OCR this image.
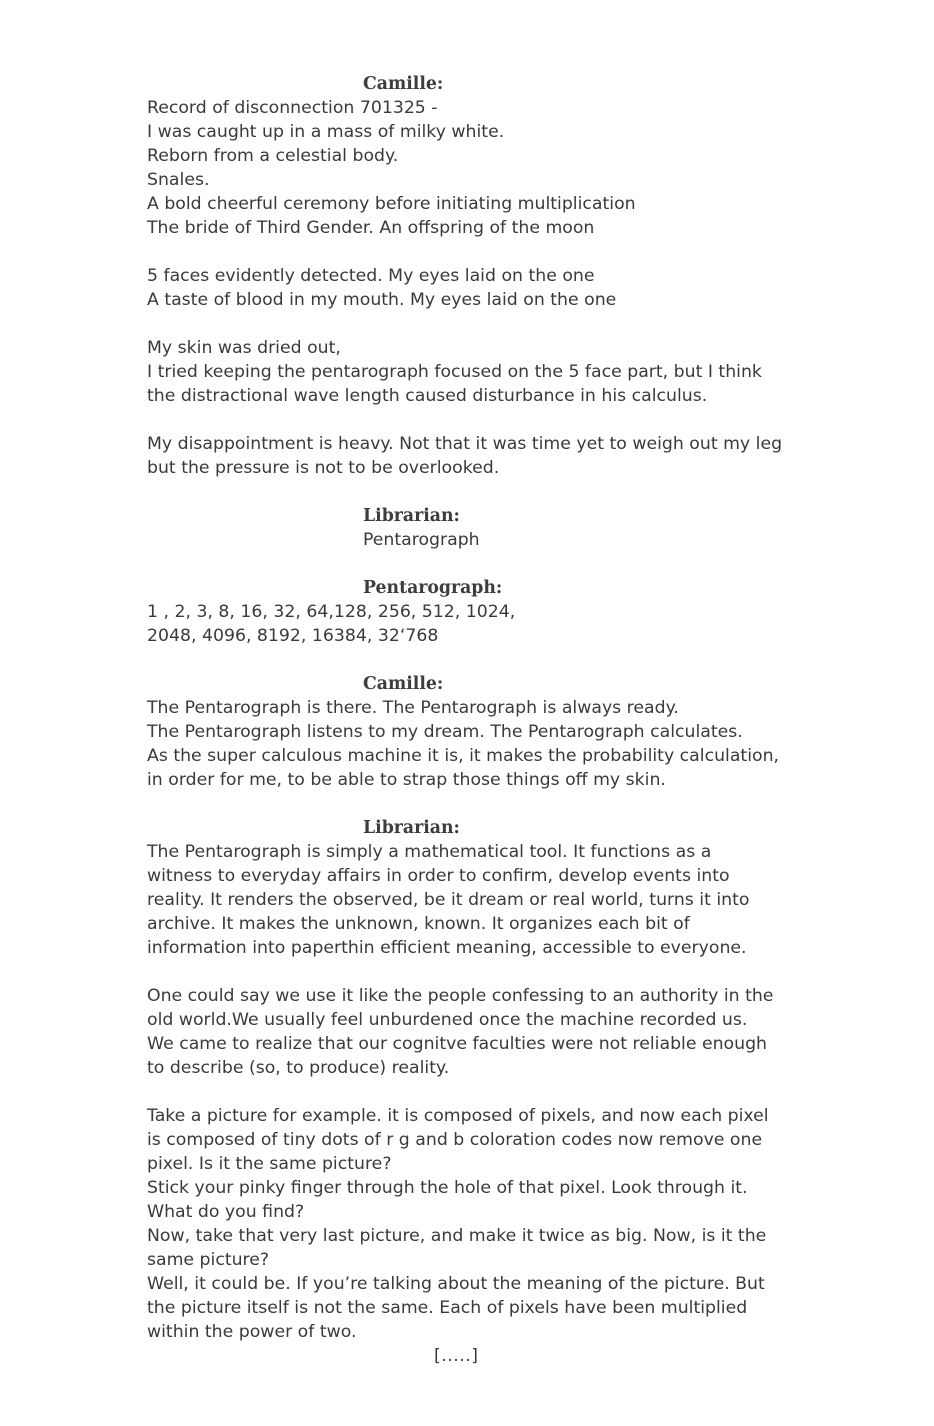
Camille:
Record of disconnection 701325 -
I was caught up in a mass of milky white.
Reborn from a celestial body.
Snales.
A bold cheerful ceremony before initiating multiplication
The bride of Third Gender. An offspring of the moon
5 faces evidently detected. My eyes laid on the one
A taste of blood in my mouth. My eyes laid on the one
My skin was dried out,
I tried keeping the pentarograph focused on the 5 face part, but I think
the distractional wave length caused disturbance in his calculus.
My disappointment is heavy. Not that it was time yet to weigh out my leg
but the pressure is not to be overlooked.
Librarian:
Pentarograph
Pentarograph:
1 , 2, 3, 8, 16, 32, 64,128, 256, 512, 1024,
2048, 4096, 8192, 16384, 32‘768
Camille:
The Pentarograph is there. The Pentarograph is always ready.
The Pentarograph listens to my dream. The Pentarograph calculates.
As the super calculous machine it is, it makes the probability calculation,
in order for me, to be able to strap those things off my skin.
Librarian:
The Pentarograph is simply a mathematical tool. It functions as a
witness to everyday affairs in order to confirm, develop events into
reality. It renders the observed, be it dream or real world, turns it into
archive. It makes the unknown, known. It organizes each bit of
information into paperthin efficient meaning, accessible to everyone.
One could say we use it like the people confessing to an authority in the
old world.We usually feel unburdened once the machine recorded us.
We came to realize that our cognitve faculties were not reliable enough
to describe (so, to produce) reality.
Take a picture for example. it is composed of pixels, and now each pixel
is composed of tiny dots of r g and b coloration codes now remove one
pixel. Is it the same picture?
Stick your pinky finger through the hole of that pixel. Look through it.
What do you find?
Now, take that very last picture, and make it twice as big. Now, is it the
same picture?
Well, it could be. If you’re talking about the meaning of the picture. But
the picture itself is not the same. Each of pixels have been multiplied
within the power of two.
[.....]
